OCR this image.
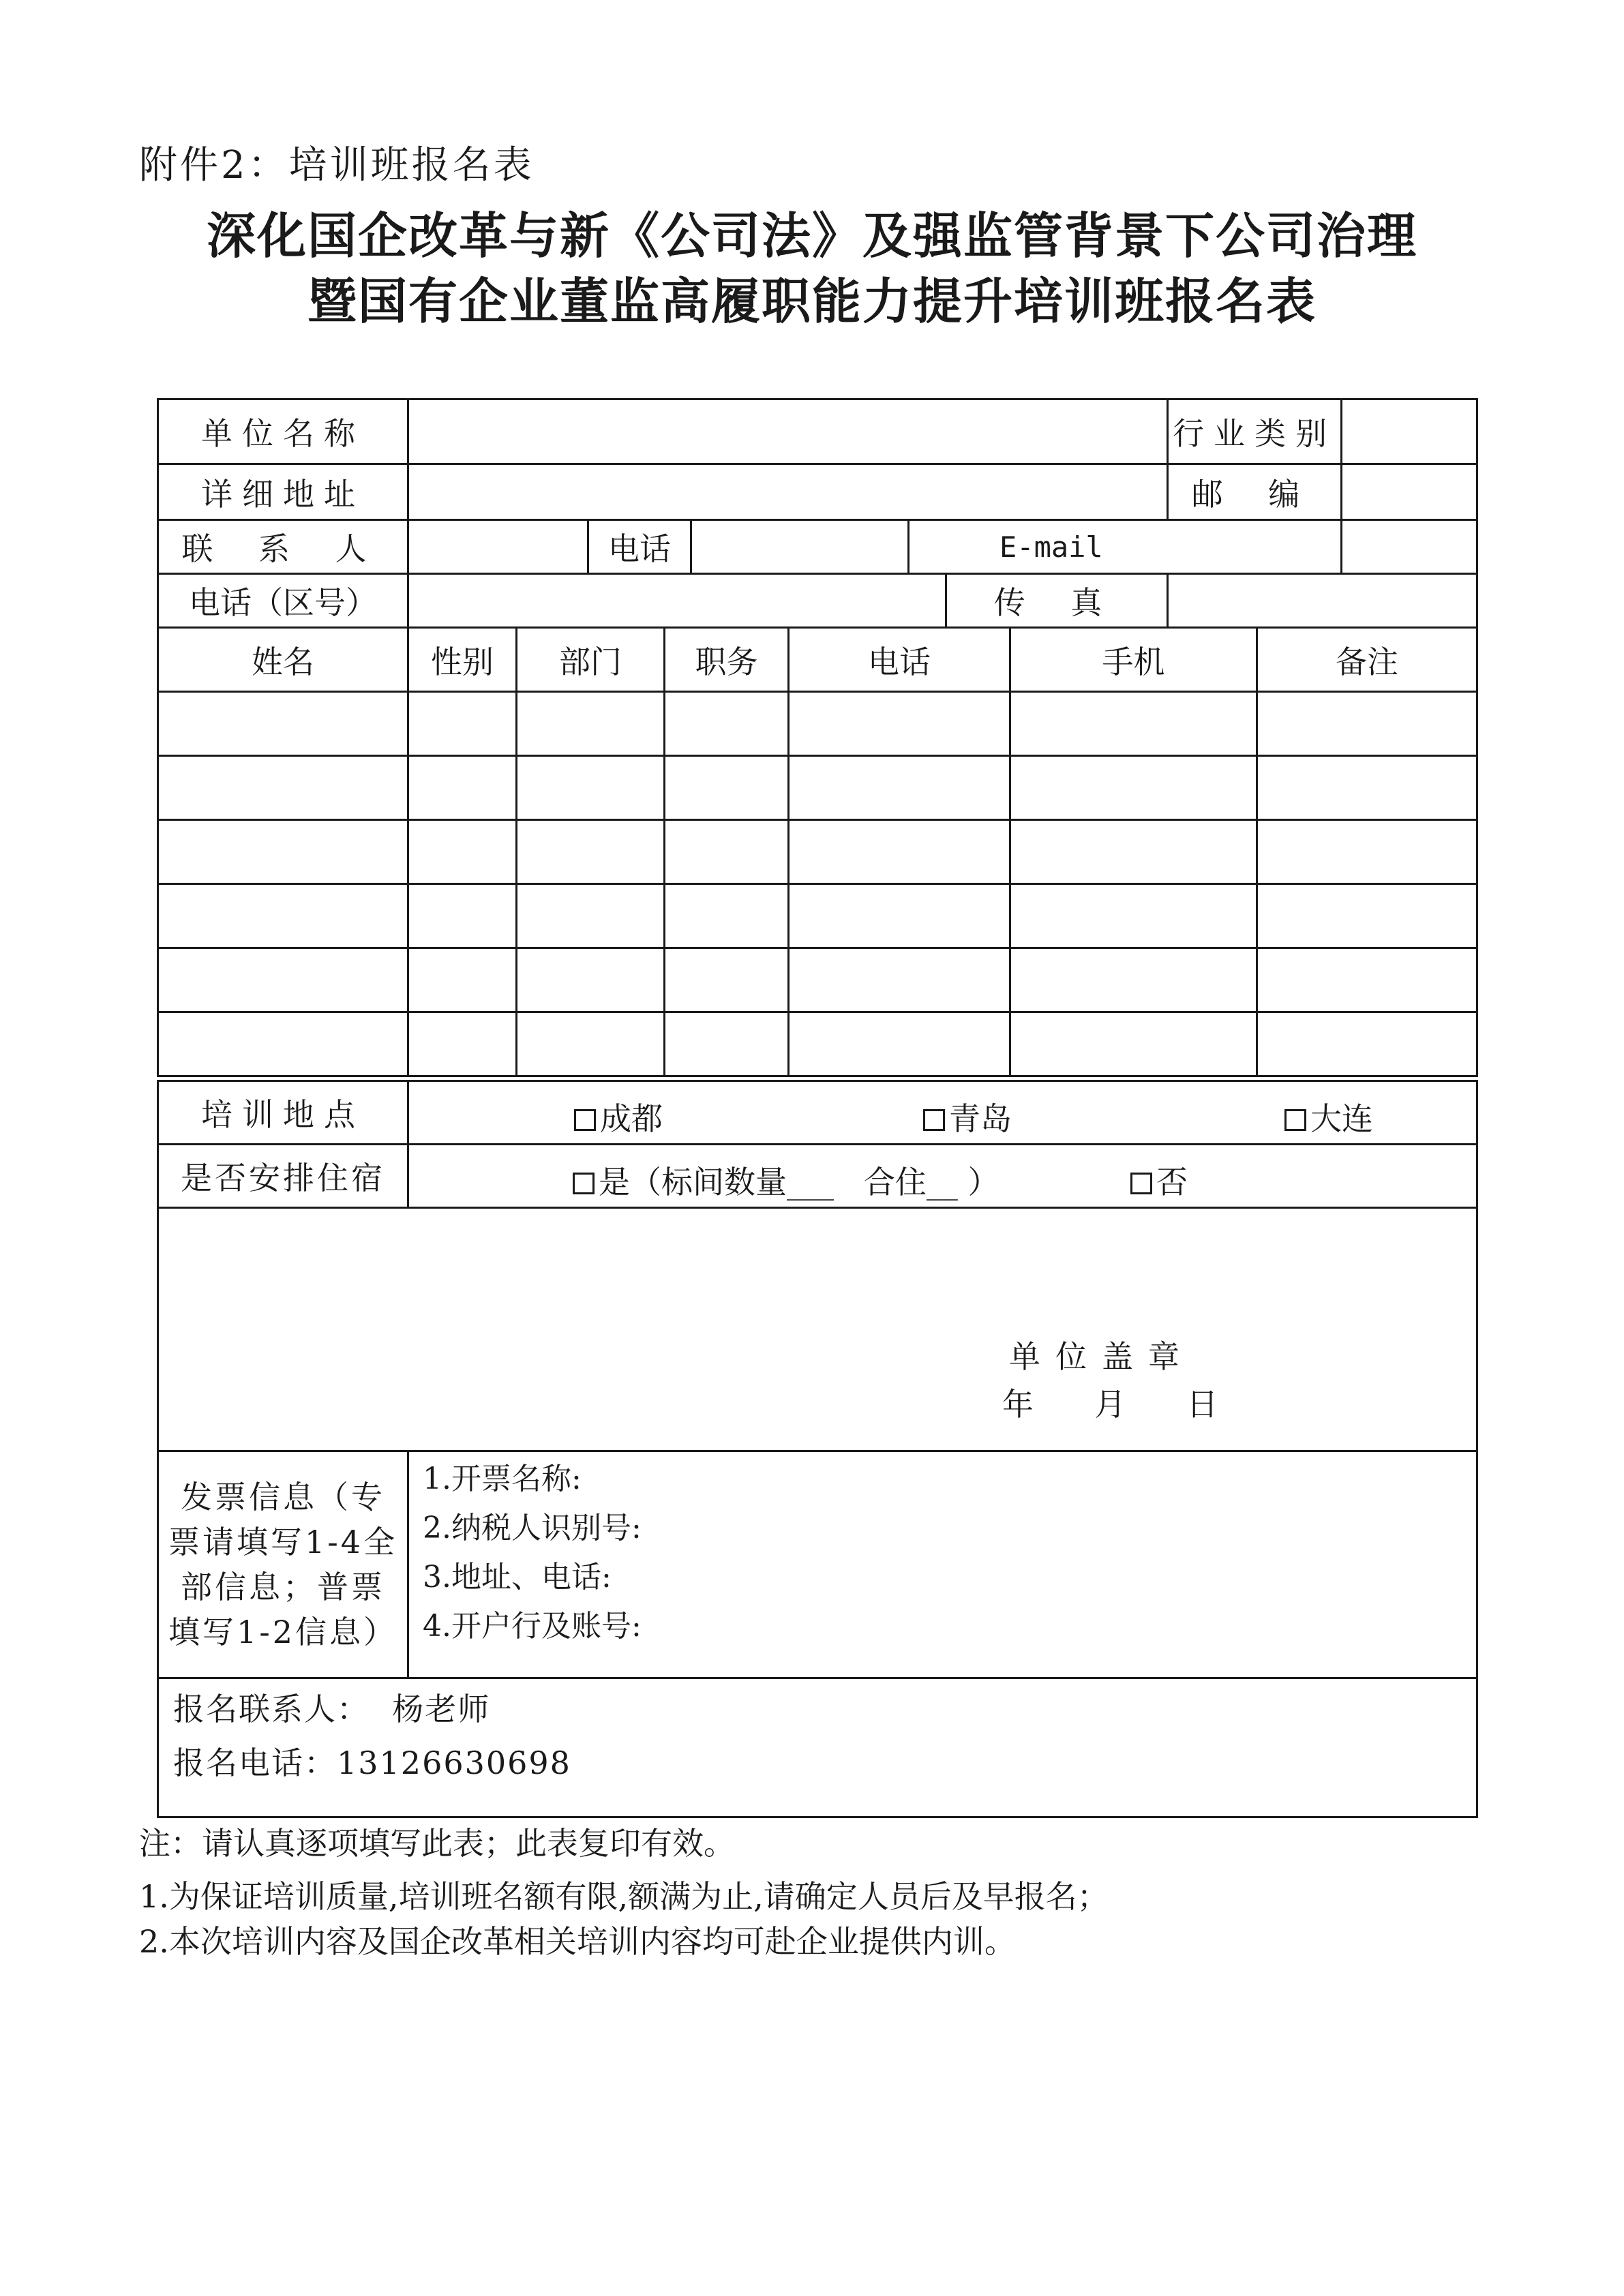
附件2：培训班报名表
深化国企改革与新《公司法》及强监管背景下公司治理
暨国有企业董监高履职能力提升培训班报名表
单位名称	行业类别
详细地址	邮 编
联 系 人	电话	E-mail
电话（区号）	传 真
姓名	性别	部门	职务	电话	手机	备注
培训地点	成都	青岛	大连
是否安排住宿	是（标间数量___   合住__ ）	否
单位盖章
年  月  日
发票信息（专票请填写1-4全部信息；普票填写1-2信息）
1.开票名称:
2.纳税人识别号:
3.地址、电话:
4.开户行及账号:
报名联系人：  杨老师
报名电话：13126630698
注：请认真逐项填写此表；此表复印有效。
1.为保证培训质量,培训班名额有限,额满为止,请确定人员后及早报名；
2.本次培训内容及国企改革相关培训内容均可赴企业提供内训。
